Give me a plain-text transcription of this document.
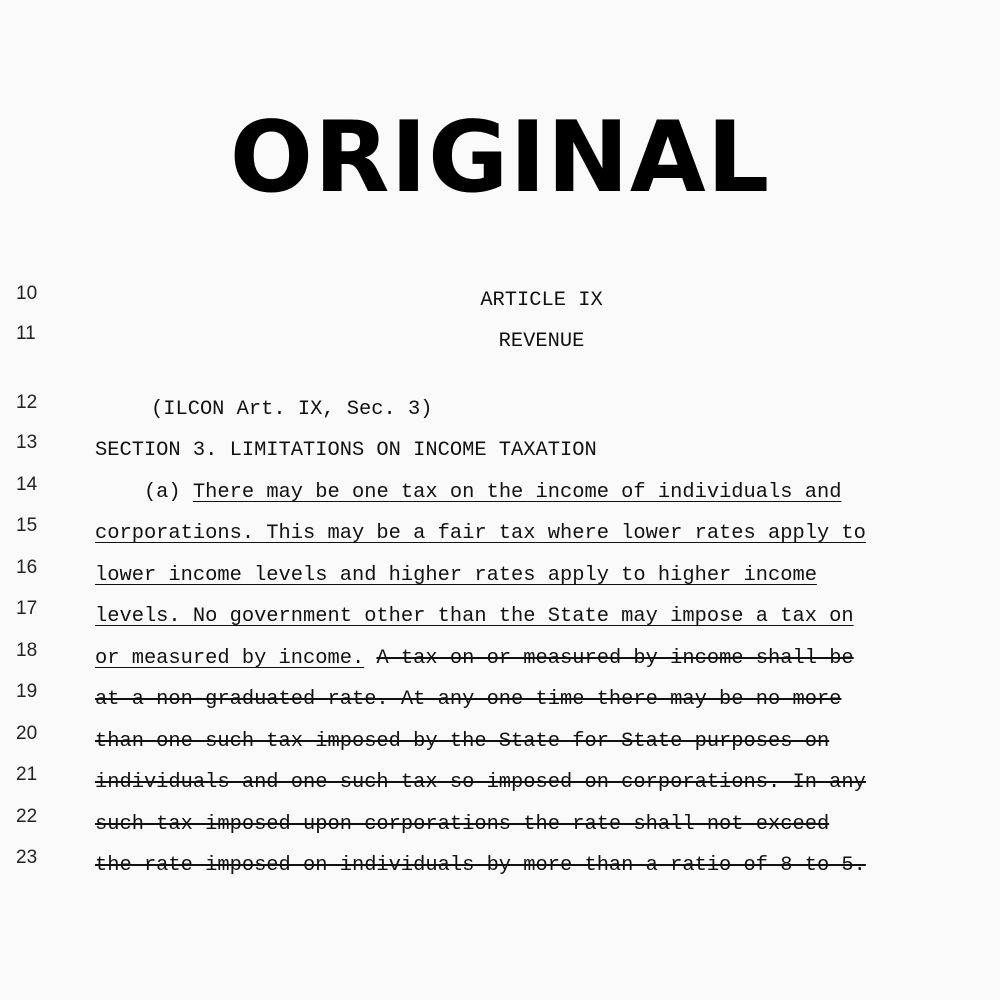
ORIGINAL
10
11
12
13
14
15
16
17
18
19
20
21
22
23
ARTICLE IX
REVENUE
(ILCON Art. IX, Sec. 3)
SECTION 3. LIMITATIONS ON INCOME TAXATION
(a) There may be one tax on the income of individuals and
corporations. This may be a fair tax where lower rates apply to
lower income levels and higher rates apply to higher income
levels. No government other than the State may impose a tax on
or measured by income. A tax on or measured by income shall be
at a non-graduated rate. At any one time there may be no more
than one such tax imposed by the State for State purposes on
individuals and one such tax so imposed on corporations. In any
such tax imposed upon corporations the rate shall not exceed
the rate imposed on individuals by more than a ratio of 8 to 5.
